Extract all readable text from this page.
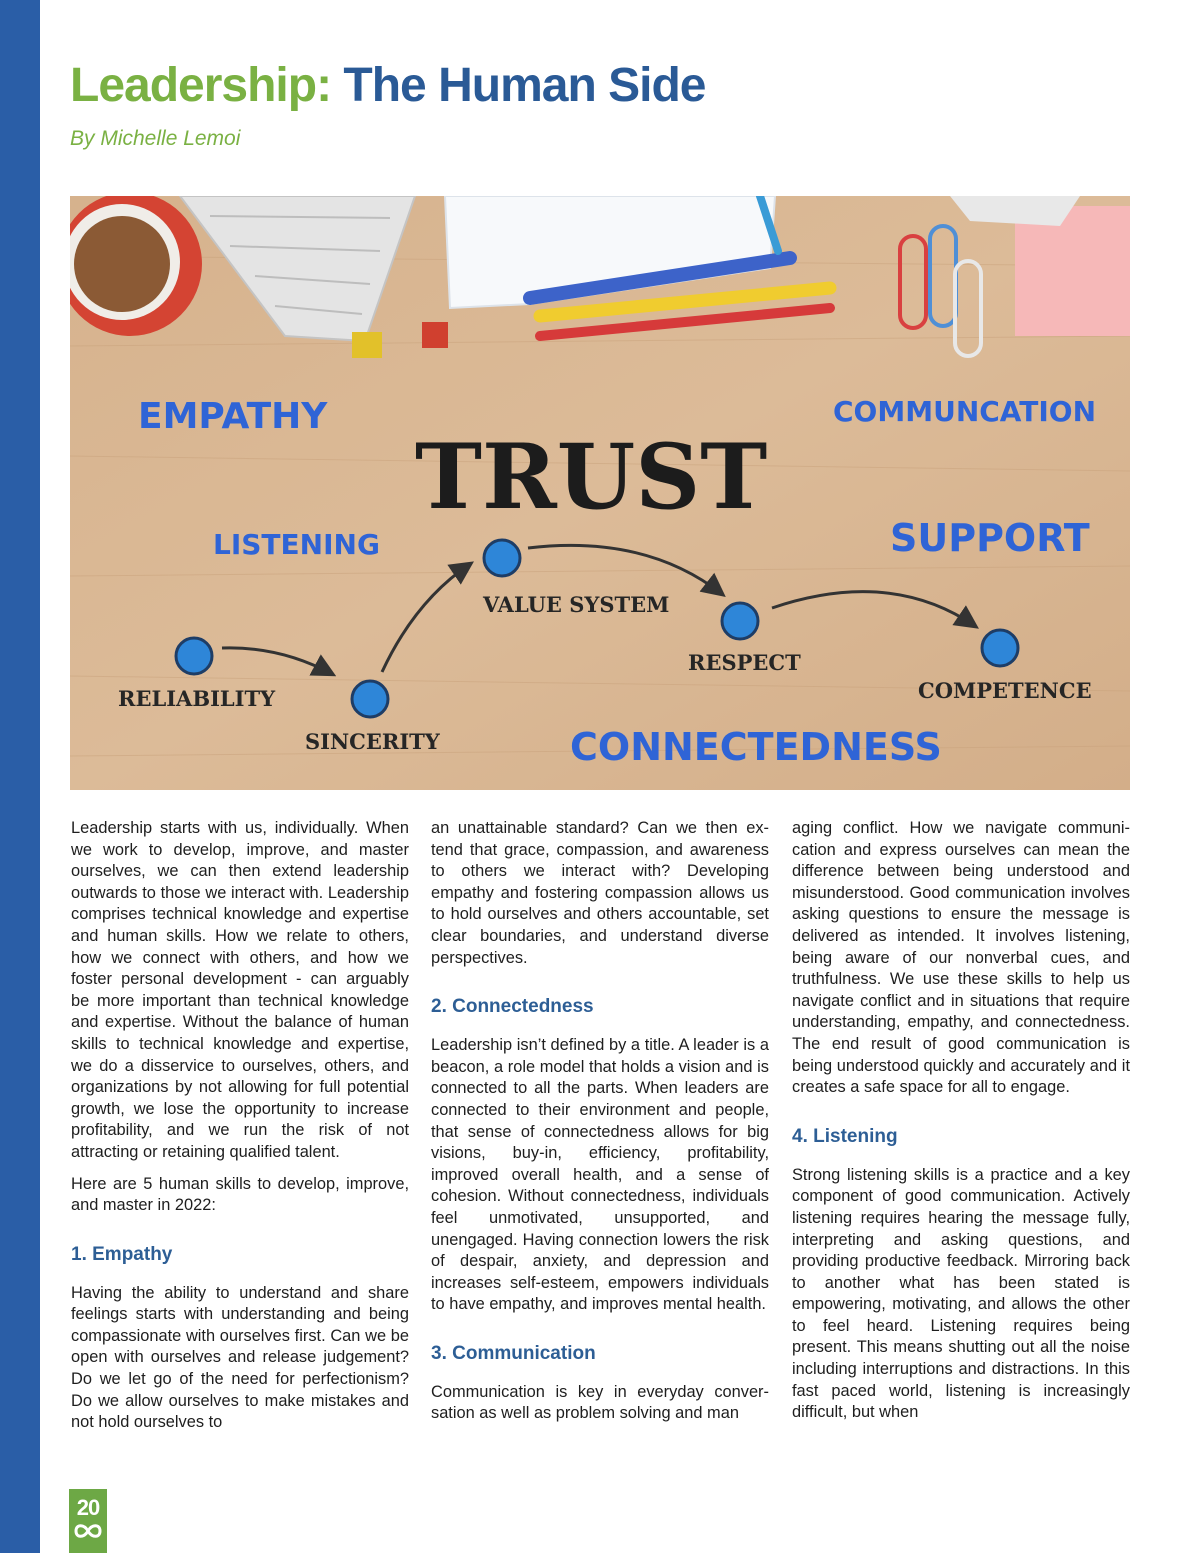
Leadership: The Human Side
By Michelle Lemoi
TRUST
EMPATHY	COMMUNCATION
LISTENING	SUPPORT
CONNECTEDNESS
RELIABILITY
SINCERITY
VALUE SYSTEM
RESPECT
COMPETENCE

Leadership starts with us, individually. When we work to develop, improve, and master ourselves, we can then extend leadership outwards to those we interact with. Leadership comprises technical knowledge and expertise and human skills. How we relate to others, how we connect with others, and how we foster personal development - can arguably be more important than technical knowledge and expertise. Without the balance of human skills to technical knowledge and expertise, we do a disservice to ourselves, others, and organizations by not allowing for full potential growth, we lose the opportunity to increase profitability, and we run the risk of not attracting or retaining qualified talent.

Here are 5 human skills to develop, improve, and master in 2022:

1. Empathy

Having the ability to understand and share feelings starts with understanding and being compassionate with ourselves first. Can we be open with ourselves and release judgement? Do we let go of the need for perfectionism? Do we allow ourselves to make mistakes and not hold ourselves to

an unattainable standard? Can we then extend that grace, compassion, and awareness to others we interact with? Developing empathy and fostering compassion allows us to hold ourselves and others accountable, set clear boundaries, and understand diverse perspectives.

2. Connectedness

Leadership isn’t defined by a title. A leader is a beacon, a role model that holds a vision and is connected to all the parts. When leaders are connected to their environment and people, that sense of connectedness allows for big visions, buy-in, efficiency, profitability, improved overall health, and a sense of cohesion. Without connectedness, individuals feel unmotivated, unsupported, and unengaged. Having connection lowers the risk of despair, anxiety, and depression and increases self-esteem, empowers individuals to have empathy, and improves mental health.

3. Communication

Communication is key in everyday conversation as well as problem solving and man

aging conflict. How we navigate communication and express ourselves can mean the difference between being understood and misunderstood. Good communication involves asking questions to ensure the message is delivered as intended. It involves listening, being aware of our nonverbal cues, and truthfulness. We use these skills to help us navigate conflict and in situations that require understanding, empathy, and connectedness. The end result of good communication is being understood quickly and accurately and it creates a safe space for all to engage.

4. Listening

Strong listening skills is a practice and a key component of good communication. Actively listening requires hearing the message fully, interpreting and asking questions, and providing productive feedback. Mirroring back to another what has been stated is empowering, motivating, and allows the other to feel heard. Listening requires being present. This means shutting out all the noise including interruptions and distractions. In this fast paced world, listening is increasingly difficult, but when

20
